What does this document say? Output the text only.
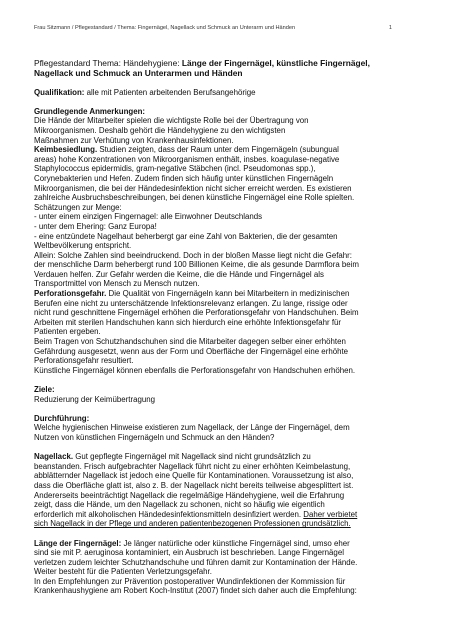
Frau Sitzmann / Pflegestandard / Thema: Fingernägel, Nagellack und Schmuck an Unterarm und Händen	1

Pflegestandard Thema: Händehygiene: Länge der Fingernägel, künstliche Fingernägel, Nagellack und Schmuck an Unterarmen und Händen

Qualifikation: alle mit Patienten arbeitenden Berufsangehörige

Grundlegende Anmerkungen:

Die Hände der Mitarbeiter spielen die wichtigste Rolle bei der Übertragung von

Mikroorganismen. Deshalb gehört die Händehygiene zu den wichtigsten

Maßnahmen zur Verhütung von Krankenhausinfektionen.

Keimbesiedlung. Studien zeigten, dass der Raum unter dem Fingernägeln (subungual

areas) hohe Konzentrationen von Mikroorganismen enthält, insbes. koagulase-negative

Staphylococcus epidermidis, gram-negative Stäbchen (incl. Pseudomonas spp.),

Corynebakterien und Hefen. Zudem finden sich häufig unter künstlichen Fingernägeln

Mikroorganismen, die bei der Händedesinfektion nicht sicher erreicht werden. Es existieren

zahlreiche Ausbruchsbeschreibungen, bei denen künstliche Fingernägel eine Rolle spielten.

Schätzungen zur Menge:

- unter einem einzigen Fingernagel: alle Einwohner Deutschlands

- unter dem Ehering: Ganz Europa!

- eine entzündete Nagelhaut beherbergt gar eine Zahl von Bakterien, die der gesamten

Weltbevölkerung entspricht.

Allein: Solche Zahlen sind beeindruckend. Doch in der bloßen Masse liegt nicht die Gefahr:

der menschliche Darm beherbergt rund 100 Billionen Keime, die als gesunde Darmflora beim

Verdauen helfen. Zur Gefahr werden die Keime, die die Hände und Fingernägel als

Transportmittel von Mensch zu Mensch nutzen.

Perforationsgefahr. Die Qualität von Fingernägeln kann bei Mitarbeitern in medizinischen

Berufen eine nicht zu unterschätzende Infektionsrelevanz erlangen. Zu lange, rissige oder

nicht rund geschnittene Fingernägel erhöhen die Perforationsgefahr von Handschuhen. Beim

Arbeiten mit sterilen Handschuhen kann sich hierdurch eine erhöhte Infektionsgefahr für

Patienten ergeben.

Beim Tragen von Schutzhandschuhen sind die Mitarbeiter dagegen selber einer erhöhten

Gefährdung ausgesetzt, wenn aus der Form und Oberfläche der Fingernägel eine erhöhte

Perforationsgefahr resultiert.

Künstliche Fingernägel können ebenfalls die Perforationsgefahr von Handschuhen erhöhen.

Ziele:

Reduzierung der Keimübertragung

Durchführung:

Welche hygienischen Hinweise existieren zum Nagellack, der Länge der Fingernägel, dem

Nutzen von künstlichen Fingernägeln und Schmuck an den Händen?

Nagellack. Gut gepflegte Fingernägel mit Nagellack sind nicht grundsätzlich zu

beanstanden. Frisch aufgebrachter Nagellack führt nicht zu einer erhöhten Keimbelastung,

abblätternder Nagellack ist jedoch eine Quelle für Kontaminationen. Voraussetzung ist also,

dass die Oberfläche glatt ist, also z. B. der Nagellack nicht bereits teilweise abgesplittert ist.

Andererseits beeinträchtigt Nagellack die regelmäßige Händehygiene, weil die Erfahrung

zeigt, dass die Hände, um den Nagellack zu schonen, nicht so häufig wie eigentlich

erforderlich mit alkoholischen Händedesinfektionsmitteln desinfiziert werden. Daher verbietet

sich Nagellack in der Pflege und anderen patientenbezogenen Professionen grundsätzlich.

Länge der Fingernägel: Je länger natürliche oder künstliche Fingernägel sind, umso eher

sind sie mit P. aeruginosa kontaminiert, ein Ausbruch ist beschrieben. Lange Fingernägel

verletzen zudem leichter Schutzhandschuhe und führen damit zur Kontamination der Hände.

Weiter besteht für die Patienten Verletzungsgefahr.

In den Empfehlungen zur Prävention postoperativer Wundinfektionen der Kommission für

Krankenhaushygiene am Robert Koch-Institut (2007) findet sich daher auch die Empfehlung:
